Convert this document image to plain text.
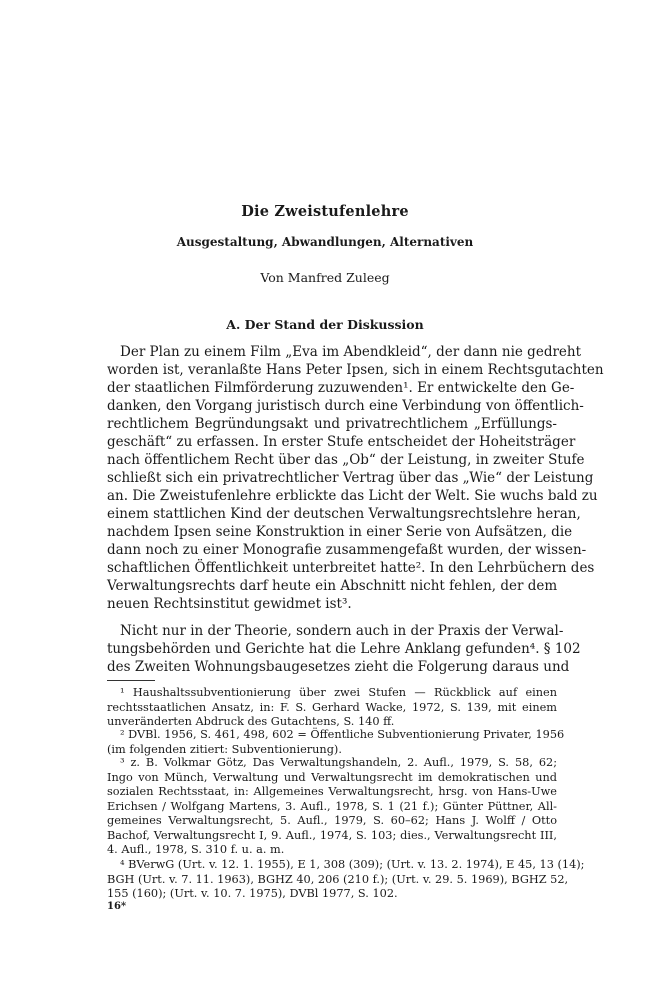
Die Zweistufenlehre
Ausgestaltung, Abwandlungen, Alternativen
Von Manfred Zuleeg
A. Der Stand der Diskussion
Der Plan zu einem Film „Eva im Abendkleid“, der dann nie gedreht
worden ist, veranlaßte Hans Peter Ipsen, sich in einem Rechtsgutachten
der staatlichen Filmförderung zuzuwenden¹. Er entwickelte den Ge-
danken, den Vorgang juristisch durch eine Verbindung von öffentlich-
rechtlichem Begründungsakt und privatrechtlichem „Erfüllungs-
geschäft“ zu erfassen. In erster Stufe entscheidet der Hoheitsträger
nach öffentlichem Recht über das „Ob“ der Leistung, in zweiter Stufe
schließt sich ein privatrechtlicher Vertrag über das „Wie“ der Leistung
an. Die Zweistufenlehre erblickte das Licht der Welt. Sie wuchs bald zu
einem stattlichen Kind der deutschen Verwaltungsrechtslehre heran,
nachdem Ipsen seine Konstruktion in einer Serie von Aufsätzen, die
dann noch zu einer Monografie zusammengefaßt wurden, der wissen-
schaftlichen Öffentlichkeit unterbreitet hatte². In den Lehrbüchern des
Verwaltungsrechts darf heute ein Abschnitt nicht fehlen, der dem
neuen Rechtsinstitut gewidmet ist³.
Nicht nur in der Theorie, sondern auch in der Praxis der Verwal-
tungsbehörden und Gerichte hat die Lehre Anklang gefunden⁴. § 102
des Zweiten Wohnungsbaugesetzes zieht die Folgerung daraus und
¹ Haushaltssubventionierung über zwei Stufen — Rückblick auf einen
rechtsstaatlichen Ansatz, in: F. S. Gerhard Wacke, 1972, S. 139, mit einem
unveränderten Abdruck des Gutachtens, S. 140 ff.
² DVBl. 1956, S. 461, 498, 602 = Öffentliche Subventionierung Privater, 1956
(im folgenden zitiert: Subventionierung).
³ z. B. Volkmar Götz, Das Verwaltungshandeln, 2. Aufl., 1979, S. 58, 62;
Ingo von Münch, Verwaltung und Verwaltungsrecht im demokratischen und
sozialen Rechtsstaat, in: Allgemeines Verwaltungsrecht, hrsg. von Hans-Uwe
Erichsen / Wolfgang Martens, 3. Aufl., 1978, S. 1 (21 f.); Günter Püttner, All-
gemeines Verwaltungsrecht, 5. Aufl., 1979, S. 60–62; Hans J. Wolff / Otto
Bachof, Verwaltungsrecht I, 9. Aufl., 1974, S. 103; dies., Verwaltungsrecht III,
4. Aufl., 1978, S. 310 f. u. a. m.
⁴ BVerwG (Urt. v. 12. 1. 1955), E 1, 308 (309); (Urt. v. 13. 2. 1974), E 45, 13 (14);
BGH (Urt. v. 7. 11. 1963), BGHZ 40, 206 (210 f.); (Urt. v. 29. 5. 1969), BGHZ 52,
155 (160); (Urt. v. 10. 7. 1975), DVBl 1977, S. 102.
16*
